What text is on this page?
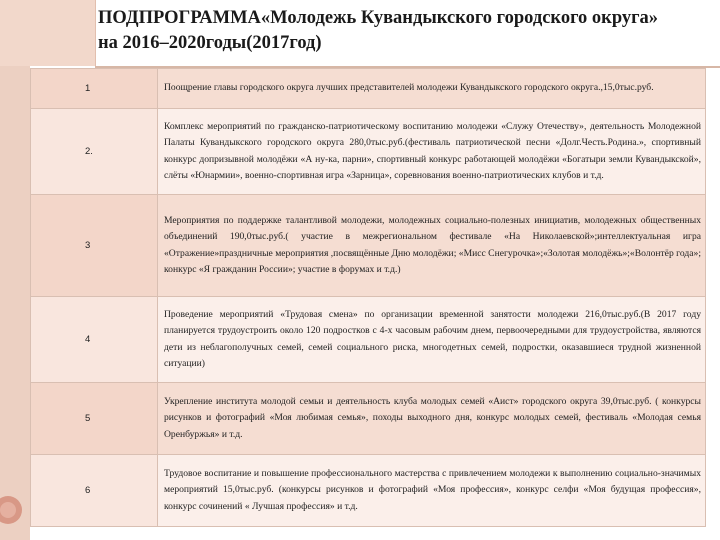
ПОДПРОГРАММА«Молодежь Кувандыкского городского округа»
на 2016–2020годы(2017год)
1	Поощрение главы городского округа лучших представителей молодежи Кувандыкского городского округа.,15,0тыс.руб.
2.	Комплекс мероприятий по гражданско-патриотическому воспитанию молодежи «Служу Отечеству», деятельность Молодежной Палаты Кувандыкского городского округа 280,0тыс.руб.(фестиваль патриотической песни «Долг.Честь.Родина.», спортивный конкурс допризывной молодёжи «А ну-ка, парни», спортивный конкурс работающей молодёжи «Богатыри земли Кувандыкской», слёты «Юнармии», военно-спортивная игра «Зарница», соревнования военно-патриотических клубов и т.д.
3	Мероприятия по поддержке талантливой молодежи, молодежных социально-полезных инициатив, молодежных общественных объединений 190,0тыс.руб.( участие в межрегиональном фестивале «На Николаевской»;интеллектуальная игра «Отражение»праздничные мероприятия ,посвящённые Дню молодёжи; «Мисс Снегурочка»;«Золотая молодёжь»;«Волонтёр года»; конкурс «Я гражданин России»; участие в форумах и т.д.)
4	Проведение мероприятий «Трудовая смена» по организации временной занятости молодежи 216,0тыс.руб.(В 2017 году планируется трудоустроить около 120 подростков с 4-х часовым рабочим днем, первоочередными для трудоустройства, являются дети из неблагополучных семей, семей социального риска, многодетных семей, подростки, оказавшиеся трудной жизненной ситуации)
5	Укрепление института молодой семьи и деятельность клуба молодых семей «Аист» городского округа 39,0тыс.руб. ( конкурсы рисунков и фотографий «Моя любимая семья», походы выходного дня, конкурс молодых семей, фестиваль «Молодая семья Оренбуржья» и т.д.
6	Трудовое воспитание и повышение профессионального мастерства с привлечением молодежи к выполнению социально-значимых мероприятий 15,0тыс.руб. (конкурсы рисунков и фотографий «Моя профессия», конкурс селфи «Моя будущая профессия», конкурс сочинений « Лучшая профессия» и т.д.
